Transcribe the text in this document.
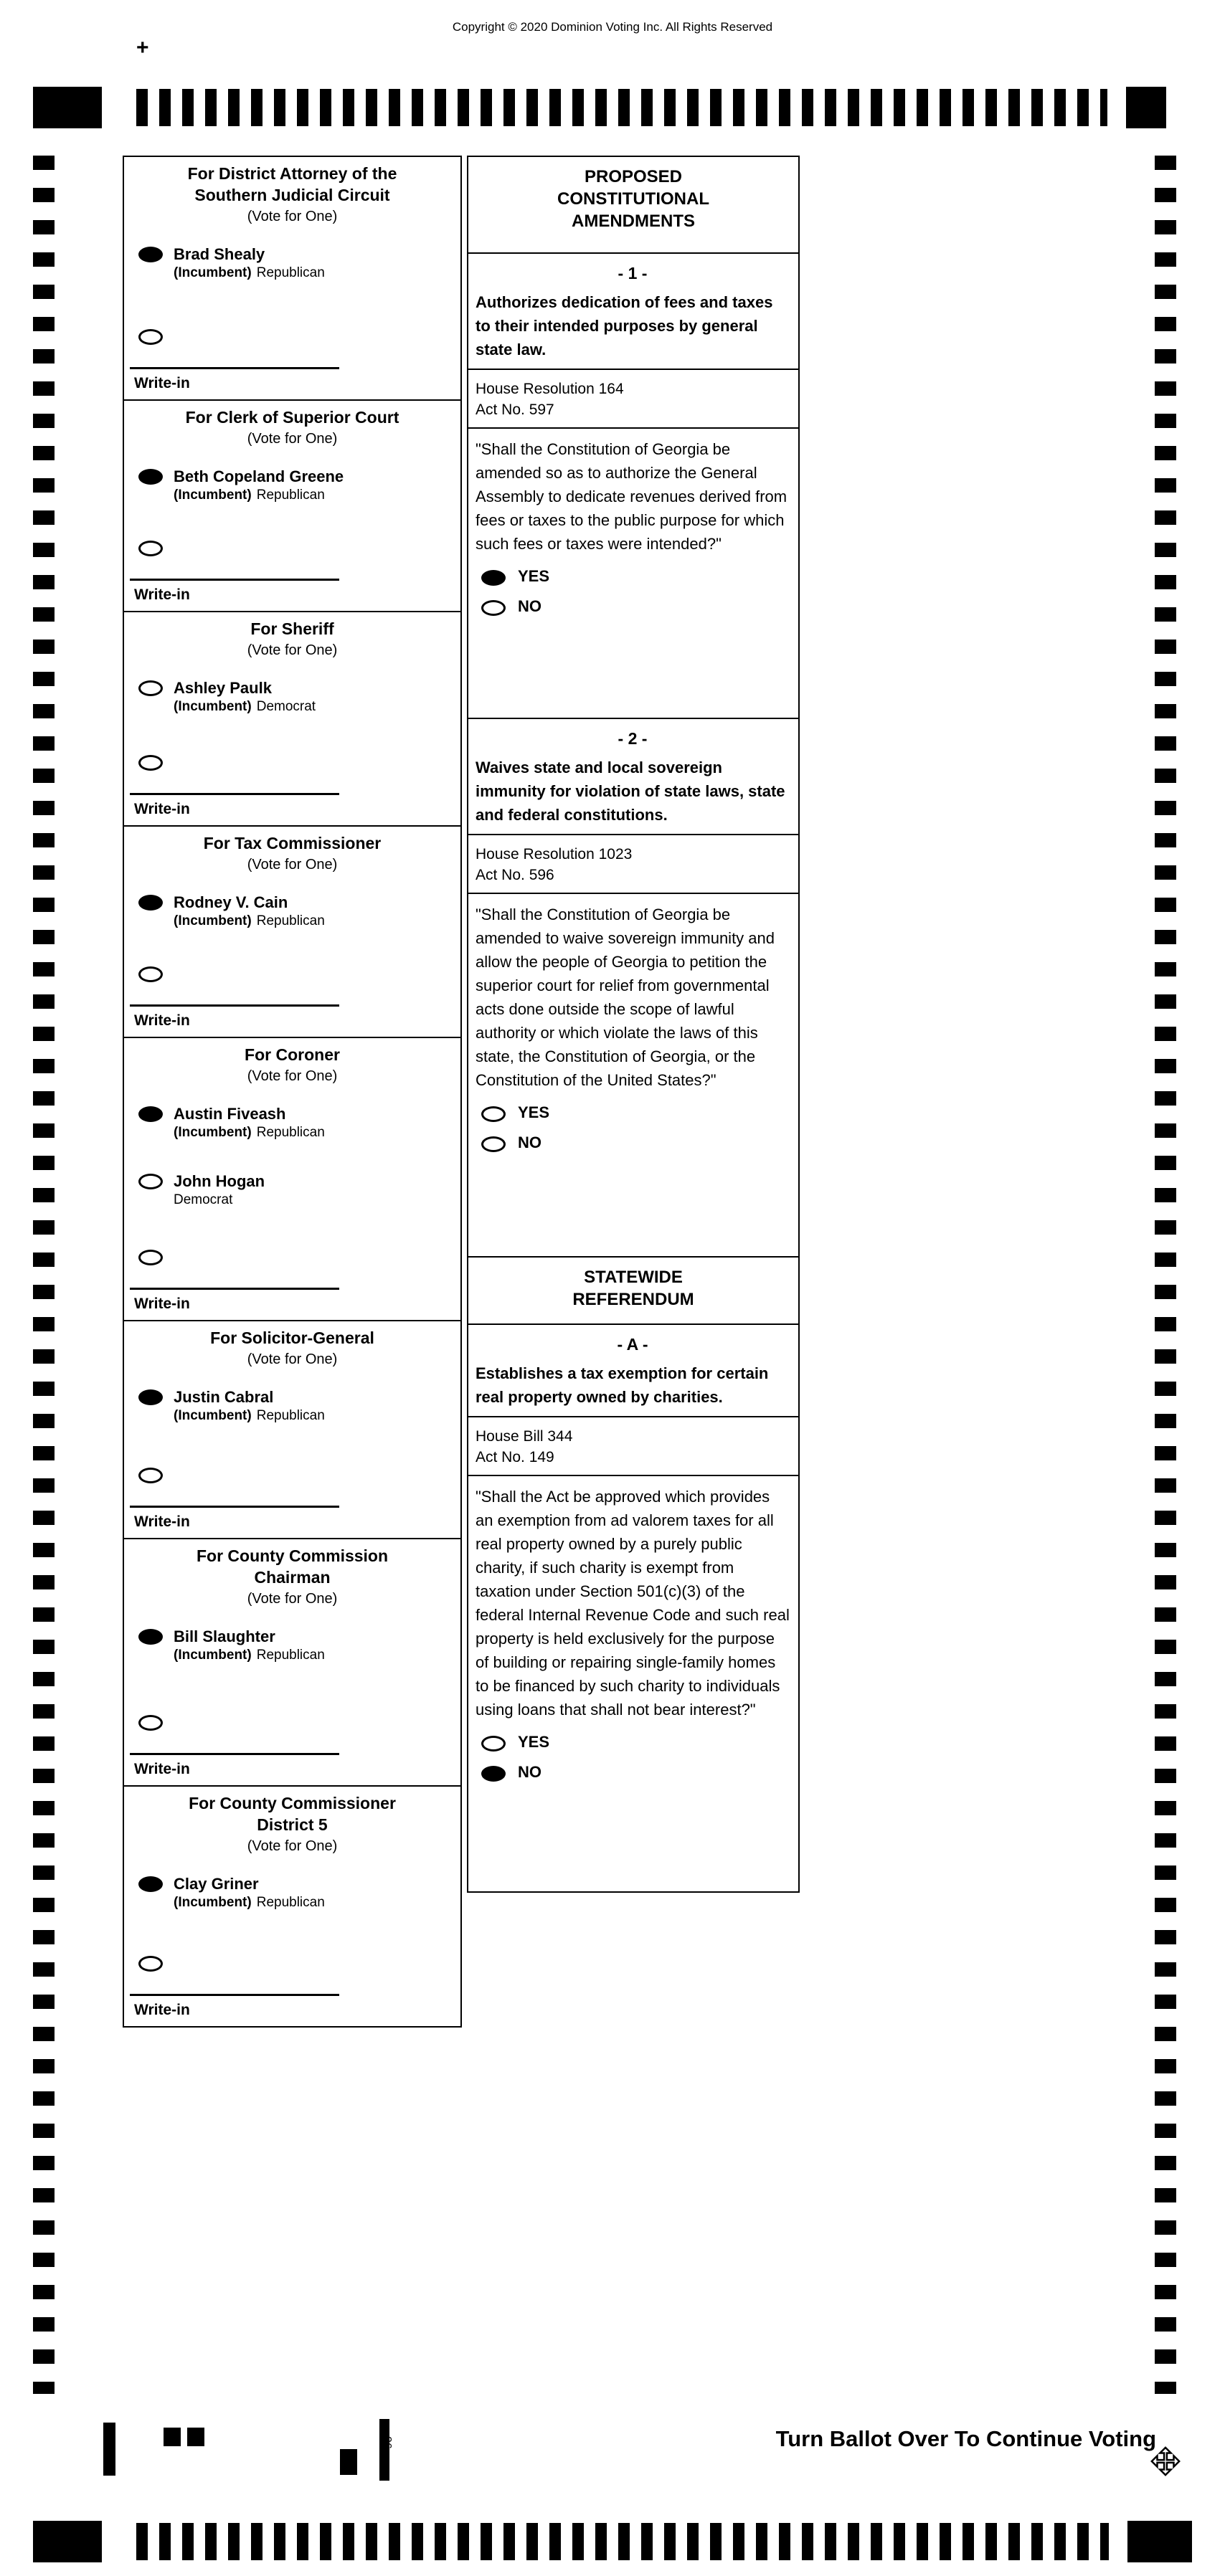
Copyright © 2020 Dominion Voting Inc. All Rights Reserved
+
For District Attorney of the
Southern Judicial Circuit
(Vote for One)
Brad Shealy
(Incumbent) Republican
Write-in
For Clerk of Superior Court
(Vote for One)
Beth Copeland Greene
(Incumbent) Republican
Write-in
For Sheriff
(Vote for One)
Ashley Paulk
(Incumbent) Democrat
Write-in
For Tax Commissioner
(Vote for One)
Rodney V. Cain
(Incumbent) Republican
Write-in
For Coroner
(Vote for One)
Austin Fiveash
(Incumbent) Republican
John Hogan
Democrat
Write-in
For Solicitor-General
(Vote for One)
Justin Cabral
(Incumbent) Republican
Write-in
For County Commission
Chairman
(Vote for One)
Bill Slaughter
(Incumbent) Republican
Write-in
For County Commissioner
District 5
(Vote for One)
Clay Griner
(Incumbent) Republican
Write-in
PROPOSED
CONSTITUTIONAL
AMENDMENTS
- 1 -
Authorizes dedication of fees and taxes to their intended purposes by general state law.
House Resolution 164
Act No. 597
"Shall the Constitution of Georgia be amended so as to authorize the General Assembly to dedicate revenues derived from fees or taxes to the public purpose for which such fees or taxes were intended?"
YES
NO
- 2 -
Waives state and local sovereign immunity for violation of state laws, state and federal constitutions.
House Resolution 1023
Act No. 596
"Shall the Constitution of Georgia be amended to waive sovereign immunity and allow the people of Georgia to petition the superior court for relief from governmental acts done outside the scope of lawful authority or which violate the laws of this state, the Constitution of Georgia, or the Constitution of the United States?"
YES
NO
STATEWIDE
REFERENDUM
- A -
Establishes a tax exemption for certain real property owned by charities.
House Bill 344
Act No. 149
"Shall the Act be approved which provides an exemption from ad valorem taxes for all real property owned by a purely public charity, if such charity is exempt from taxation under Section 501(c)(3) of the federal Internal Revenue Code and such real property is held exclusively for the purpose of building or repairing single-family homes to be financed by such charity to individuals using loans that shall not bear interest?"
YES
NO
Turn Ballot Over To Continue Voting
26
